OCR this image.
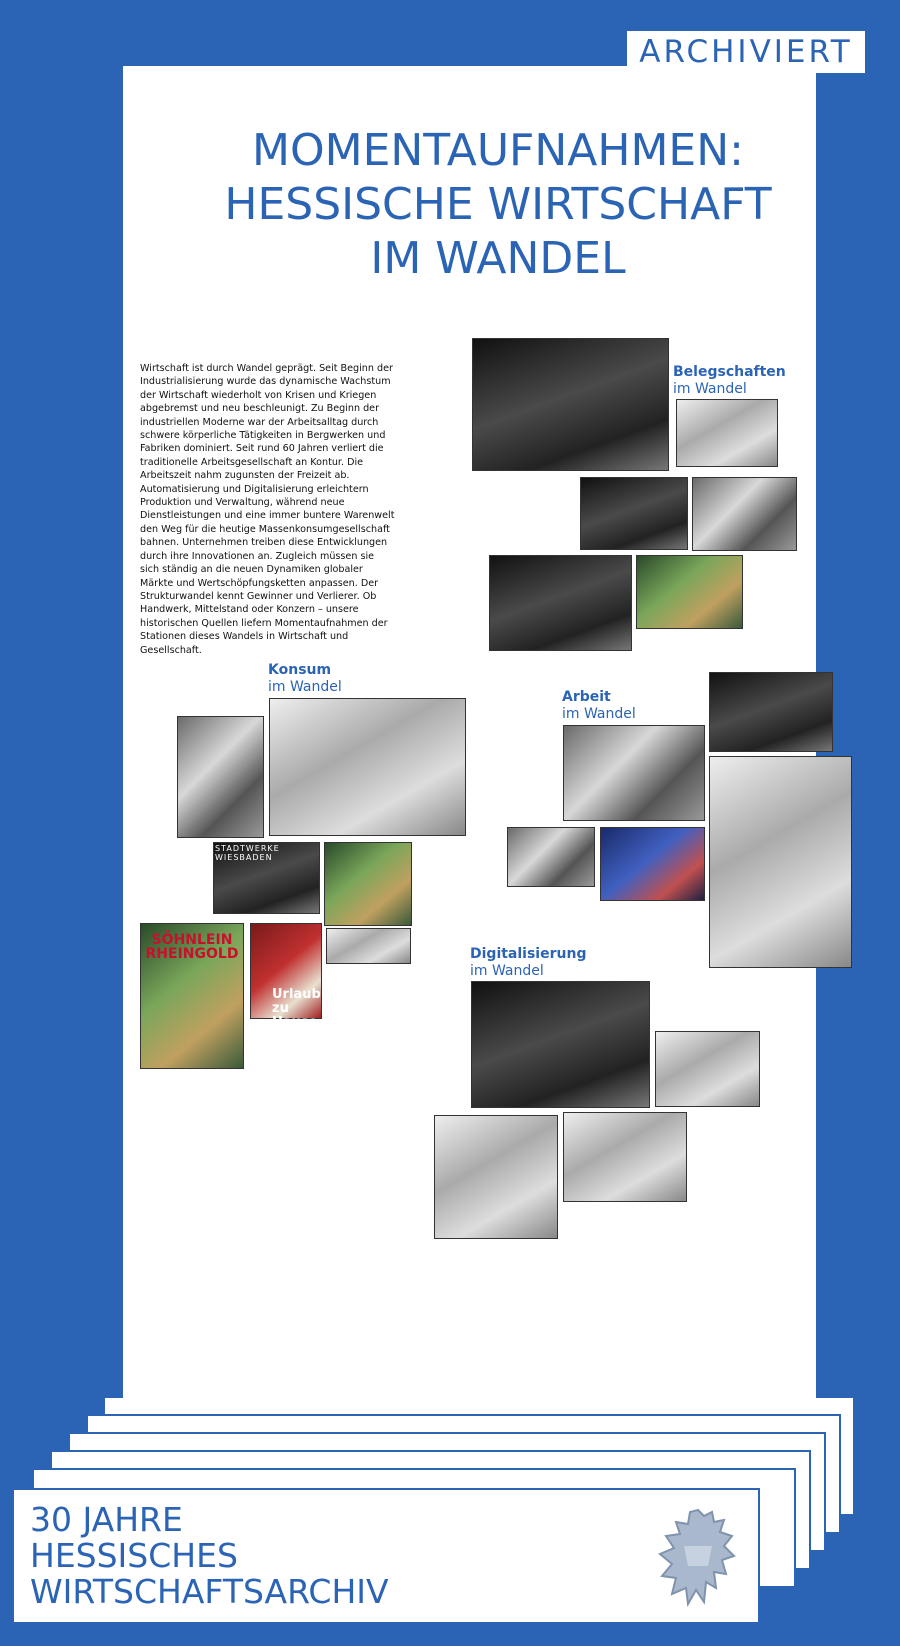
ARCHIVIERT
MOMENTAUFNAHMEN:
HESSISCHE WIRTSCHAFT
IM WANDEL
Wirtschaft ist durch Wandel geprägt. Seit Beginn der Industrialisierung wurde das dynamische Wachstum der Wirtschaft wiederholt von Krisen und Kriegen abgebremst und neu beschleunigt. Zu Beginn der industriellen Moderne war der Arbeitsalltag durch schwere körperliche Tätigkeiten in Bergwerken und Fabriken dominiert. Seit rund 60 Jahren verliert die traditionelle Arbeitsgesellschaft an Kontur. Die Arbeitszeit nahm zugunsten der Freizeit ab. Automatisierung und Digitalisierung erleichtern Produktion und Verwaltung, während neue Dienstleistungen und eine immer buntere Warenwelt den Weg für die heutige Massenkonsumgesellschaft bahnen. Unternehmen treiben diese Entwicklungen durch ihre Innovationen an. Zugleich müssen sie sich ständig an die neuen Dynamiken globaler Märkte und Wertschöpfungsketten anpassen. Der Strukturwandel kennt Gewinner und Verlierer. Ob Handwerk, Mittelstand oder Konzern – unsere historischen Quellen liefern Momentaufnahmen der Stationen dieses Wandels in Wirtschaft und Gesellschaft.
Belegschaften
im Wandel
Konsum
im Wandel
STADTWERKE WIESBADEN
SÖHNLEIN RHEINGOLD
Urlaub zu Hause
Arbeit
im Wandel
Digitalisierung
im Wandel
30 JAHRE
HESSISCHES
WIRTSCHAFTSARCHIV
